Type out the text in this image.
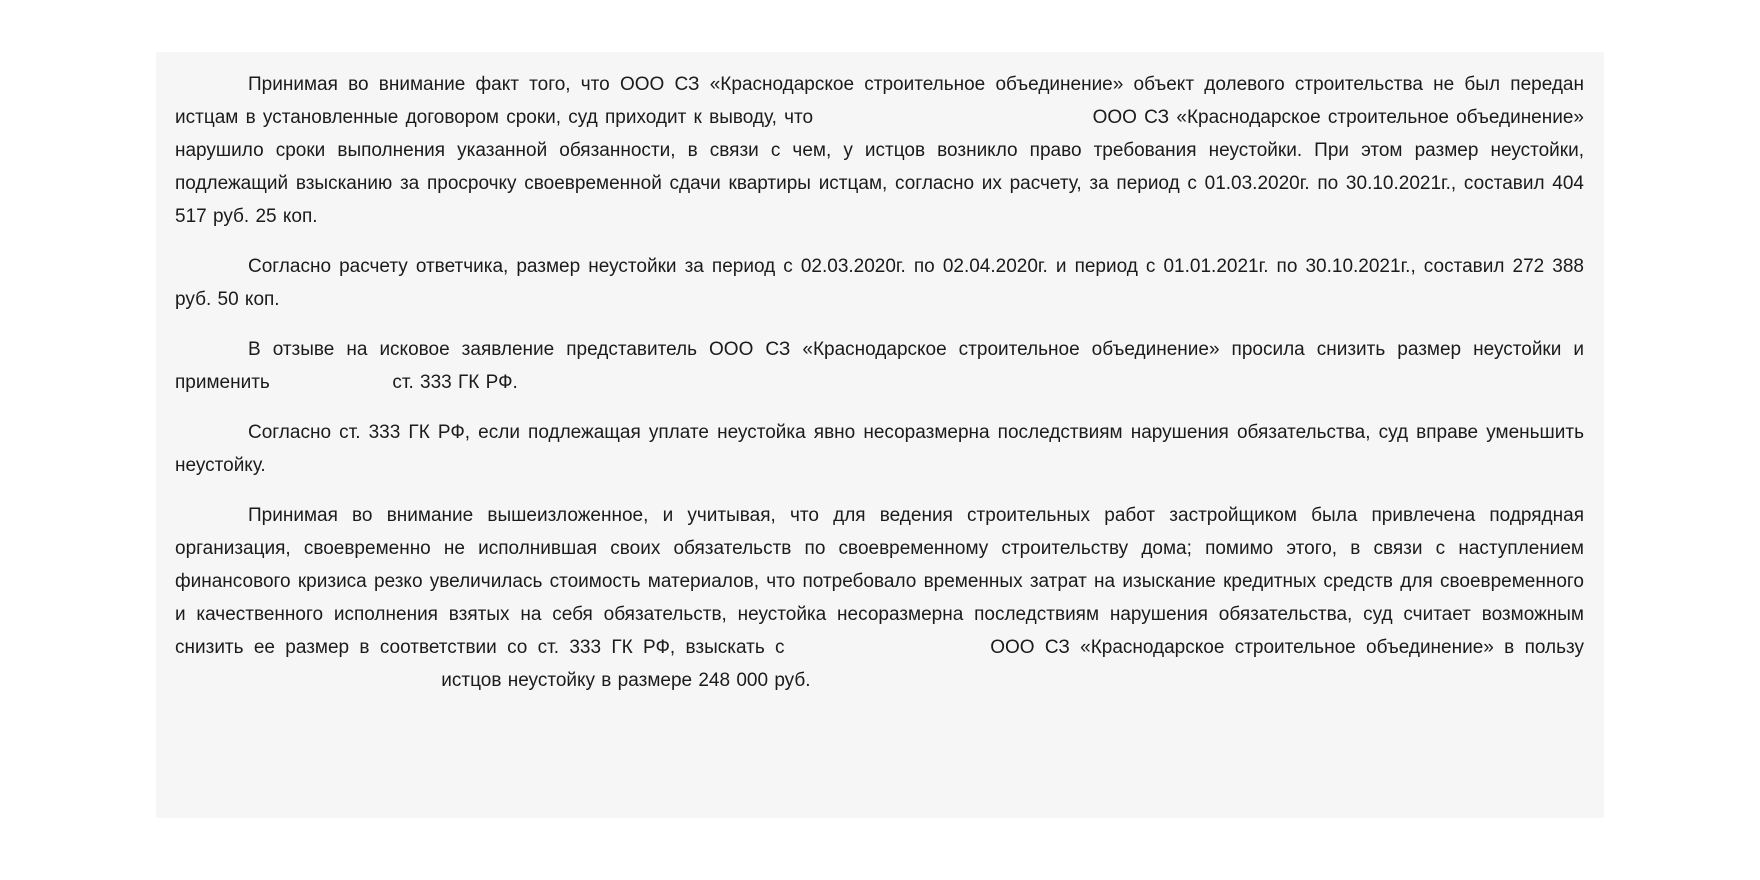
Принимая во внимание факт того, что ООО СЗ «Краснодарское строительное объединение» объект долевого строительства не был передан истцам в установленные договором сроки, суд приходит к выводу, что	ООО СЗ «Краснодарское строительное объединение» нарушило сроки выполнения указанной обязанности, в связи с чем, у истцов возникло право требования неустойки. При этом размер неустойки, подлежащий взысканию за просрочку своевременной сдачи квартиры истцам, согласно их расчету, за период с 01.03.2020г. по 30.10.2021г., составил 404 517 руб. 25 коп.

Согласно расчету ответчика, размер неустойки за период с 02.03.2020г. по 02.04.2020г. и период с 01.01.2021г. по 30.10.2021г., составил 272 388 руб. 50 коп.

В отзыве на исковое заявление представитель ООО СЗ «Краснодарское строительное объединение» просила снизить размер неустойки и применить	ст. 333 ГК РФ.

Согласно ст. 333 ГК РФ, если подлежащая уплате неустойка явно несоразмерна последствиям нарушения обязательства, суд вправе уменьшить неустойку.

Принимая во внимание вышеизложенное, и учитывая, что для ведения строительных работ застройщиком была привлечена подрядная организация, своевременно не исполнившая своих обязательств по своевременному строительству дома; помимо этого, в связи с наступлением финансового кризиса резко увеличилась стоимость материалов, что потребовало временных затрат на изыскание кредитных средств для своевременного и качественного исполнения взятых на себя обязательств, неустойка несоразмерна последствиям нарушения обязательства, суд считает возможным снизить ее размер в соответствии со ст. 333 ГК РФ, взыскать с	ООО СЗ «Краснодарское строительное объединение» в пользу  истцов неустойку в размере 248 000 руб.
